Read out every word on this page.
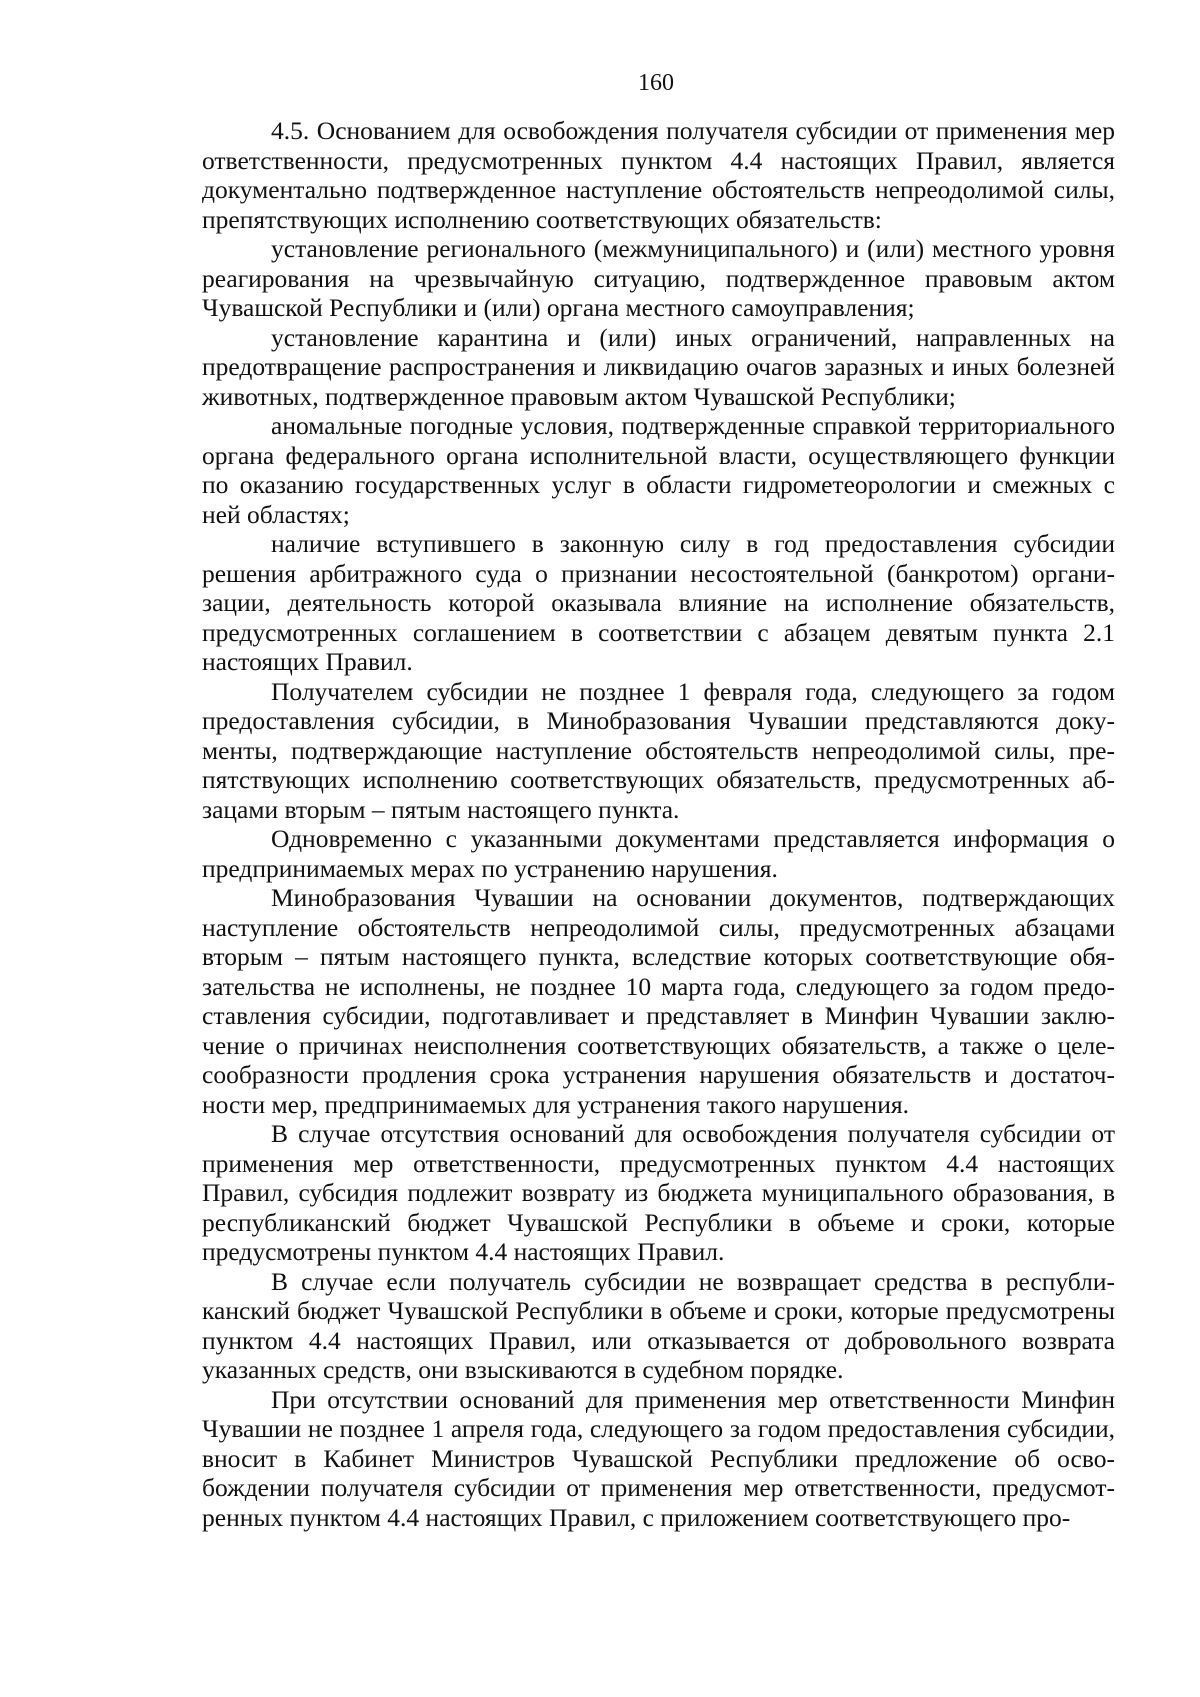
160

4.5. Основанием для освобождения получателя субсидии от применения мер ответственности, предусмотренных пунктом 4.4 настоящих Правил, является документально подтвержденное наступление обстоятельств непреодолимой силы, препятствующих исполнению соответствующих обязательств:

установление регионального (межмуниципального) и (или) местного уровня реагирования на чрезвычайную ситуацию, подтвержденное правовым актом Чувашской Республики и (или) органа местного самоуправления;

установление карантина и (или) иных ограничений, направленных на предотвращение распространения и ликвидацию очагов заразных и иных болезней животных, подтвержденное правовым актом Чувашской Республики;

аномальные погодные условия, подтвержденные справкой территориального органа федерального органа исполнительной власти, осуществляющего функции по оказанию государственных услуг в области гидрометеорологии и смежных с ней областях;

наличие вступившего в законную силу в год предоставления субсидии решения арбитражного суда о признании несостоятельной (банкротом) организации, деятельность которой оказывала влияние на исполнение обязательств, предусмотренных соглашением в соответствии с абзацем девятым пункта 2.1 настоящих Правил.

Получателем субсидии не позднее 1 февраля года, следующего за годом предоставления субсидии, в Минобразования Чувашии представляются документы, подтверждающие наступление обстоятельств непреодолимой силы, препятствующих исполнению соответствующих обязательств, предусмотренных абзацами вторым – пятым настоящего пункта.

Одновременно с указанными документами представляется информация о предпринимаемых мерах по устранению нарушения.

Минобразования Чувашии на основании документов, подтверждающих наступление обстоятельств непреодолимой силы, предусмотренных абзацами вторым – пятым настоящего пункта, вследствие которых соответствующие обязательства не исполнены, не позднее 10 марта года, следующего за годом предоставления субсидии, подготавливает и представляет в Минфин Чувашии заключение о причинах неисполнения соответствующих обязательств, а также о целесообразности продления срока устранения нарушения обязательств и достаточности мер, предпринимаемых для устранения такого нарушения.

В случае отсутствия оснований для освобождения получателя субсидии от применения мер ответственности, предусмотренных пунктом 4.4 настоящих Правил, субсидия подлежит возврату из бюджета муниципального образования, в республиканский бюджет Чувашской Республики в объеме и сроки, которые предусмотрены пунктом 4.4 настоящих Правил.

В случае если получатель субсидии не возвращает средства в республиканский бюджет Чувашской Республики в объеме и сроки, которые предусмотрены пунктом 4.4 настоящих Правил, или отказывается от добровольного возврата указанных средств, они взыскиваются в судебном порядке.

При отсутствии оснований для применения мер ответственности Минфин Чувашии не позднее 1 апреля года, следующего за годом предоставления субсидии, вносит в Кабинет Министров Чувашской Республики предложение об освобождении получателя субсидии от применения мер ответственности, предусмотренных пунктом 4.4 настоящих Правил, с приложением соответствующего про-
